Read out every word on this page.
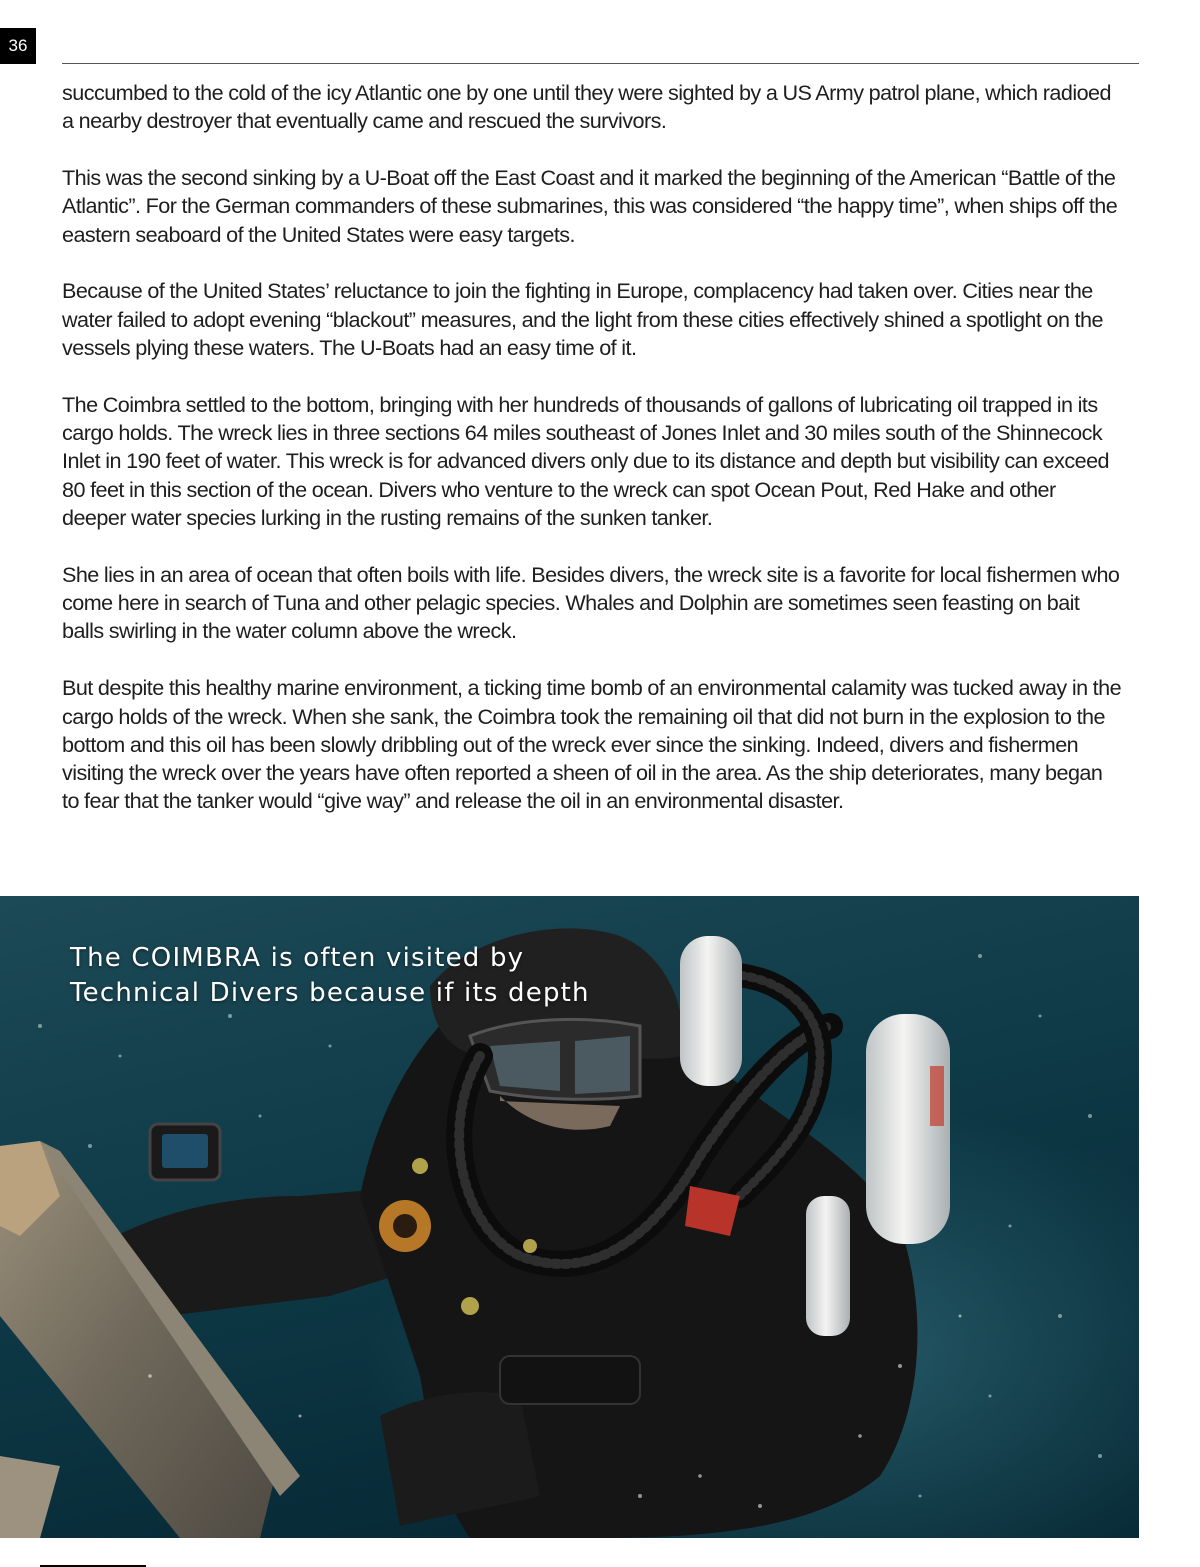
36

succumbed to the cold of the icy Atlantic one by one until they were sighted by a US Army patrol plane, which radioed a nearby destroyer that eventually came and rescued the survivors.

This was the second sinking by a U-Boat off the East Coast and it marked the beginning of the American “Battle of the Atlantic”. For the German commanders of these submarines, this was considered “the happy time”, when ships off the eastern seaboard of the United States were easy targets.

Because of the United States’ reluctance to join the fighting in Europe, complacency had taken over. Cities near the water failed to adopt evening “blackout” measures, and the light from these cities effectively shined a spotlight on the vessels plying these waters. The U-Boats had an easy time of it.

The Coimbra settled to the bottom, bringing with her hundreds of thousands of gallons of lubricating oil trapped in its cargo holds. The wreck lies in three sections 64 miles southeast of Jones Inlet and 30 miles south of the Shinnecock Inlet in 190 feet of water. This wreck is for advanced divers only due to its distance and depth but visibility can exceed 80 feet in this section of the ocean. Divers who venture to the wreck can spot Ocean Pout, Red Hake and other deeper water species lurking in the rusting remains of the sunken tanker.

She lies in an area of ocean that often boils with life. Besides divers, the wreck site is a favorite for local fishermen who come here in search of Tuna and other pelagic species. Whales and Dolphin are sometimes seen feasting on bait balls swirling in the water column above the wreck.

But despite this healthy marine environment, a ticking time bomb of an environmental calamity was tucked away in the cargo holds of the wreck. When she sank, the Coimbra took the remaining oil that did not burn in the explosion to the bottom and this oil has been slowly dribbling out of the wreck ever since the sinking. Indeed, divers and fishermen visiting the wreck over the years have often reported a sheen of oil in the area. As the ship deteriorates, many began to fear that the tanker would “give way” and release the oil in an environmental disaster.

The COIMBRA is often visited by
Technical Divers because if its depth
